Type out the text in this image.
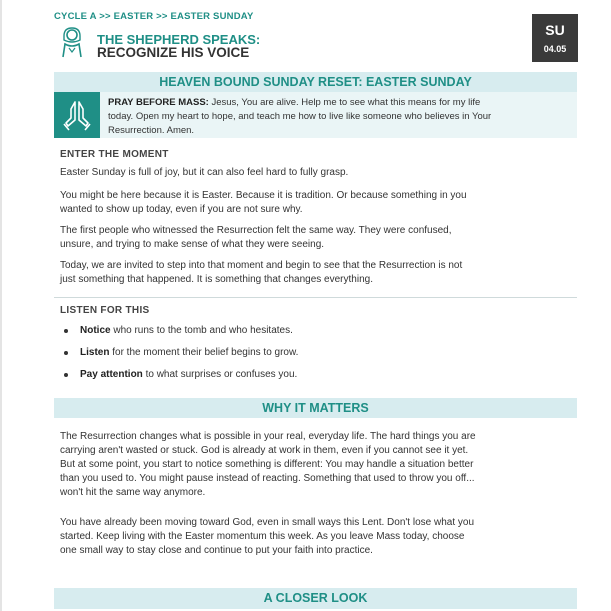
CYCLE A >> EASTER >> EASTER SUNDAY
THE SHEPHERD SPEAKS:
RECOGNIZE HIS VOICE
SU
04.05
HEAVEN BOUND SUNDAY RESET: EASTER SUNDAY
PRAY BEFORE MASS: Jesus, You are alive. Help me to see what this means for my life
today. Open my heart to hope, and teach me how to live like someone who believes in Your
Resurrection. Amen.
ENTER THE MOMENT
Easter Sunday is full of joy, but it can also feel hard to fully grasp.
You might be here because it is Easter. Because it is tradition. Or because something in you
wanted to show up today, even if you are not sure why.
The first people who witnessed the Resurrection felt the same way. They were confused,
unsure, and trying to make sense of what they were seeing.
Today, we are invited to step into that moment and begin to see that the Resurrection is not
just something that happened. It is something that changes everything.
LISTEN FOR THIS
Notice who runs to the tomb and who hesitates.
Listen for the moment their belief begins to grow.
Pay attention to what surprises or confuses you.
WHY IT MATTERS
The Resurrection changes what is possible in your real, everyday life. The hard things you are
carrying aren't wasted or stuck. God is already at work in them, even if you cannot see it yet.
But at some point, you start to notice something is different: You may handle a situation better
than you used to. You might pause instead of reacting. Something that used to throw you off...
won't hit the same way anymore.
You have already been moving toward God, even in small ways this Lent. Don't lose what you
started. Keep living with the Easter momentum this week. As you leave Mass today, choose
one small way to stay close and continue to put your faith into practice.
A CLOSER LOOK
